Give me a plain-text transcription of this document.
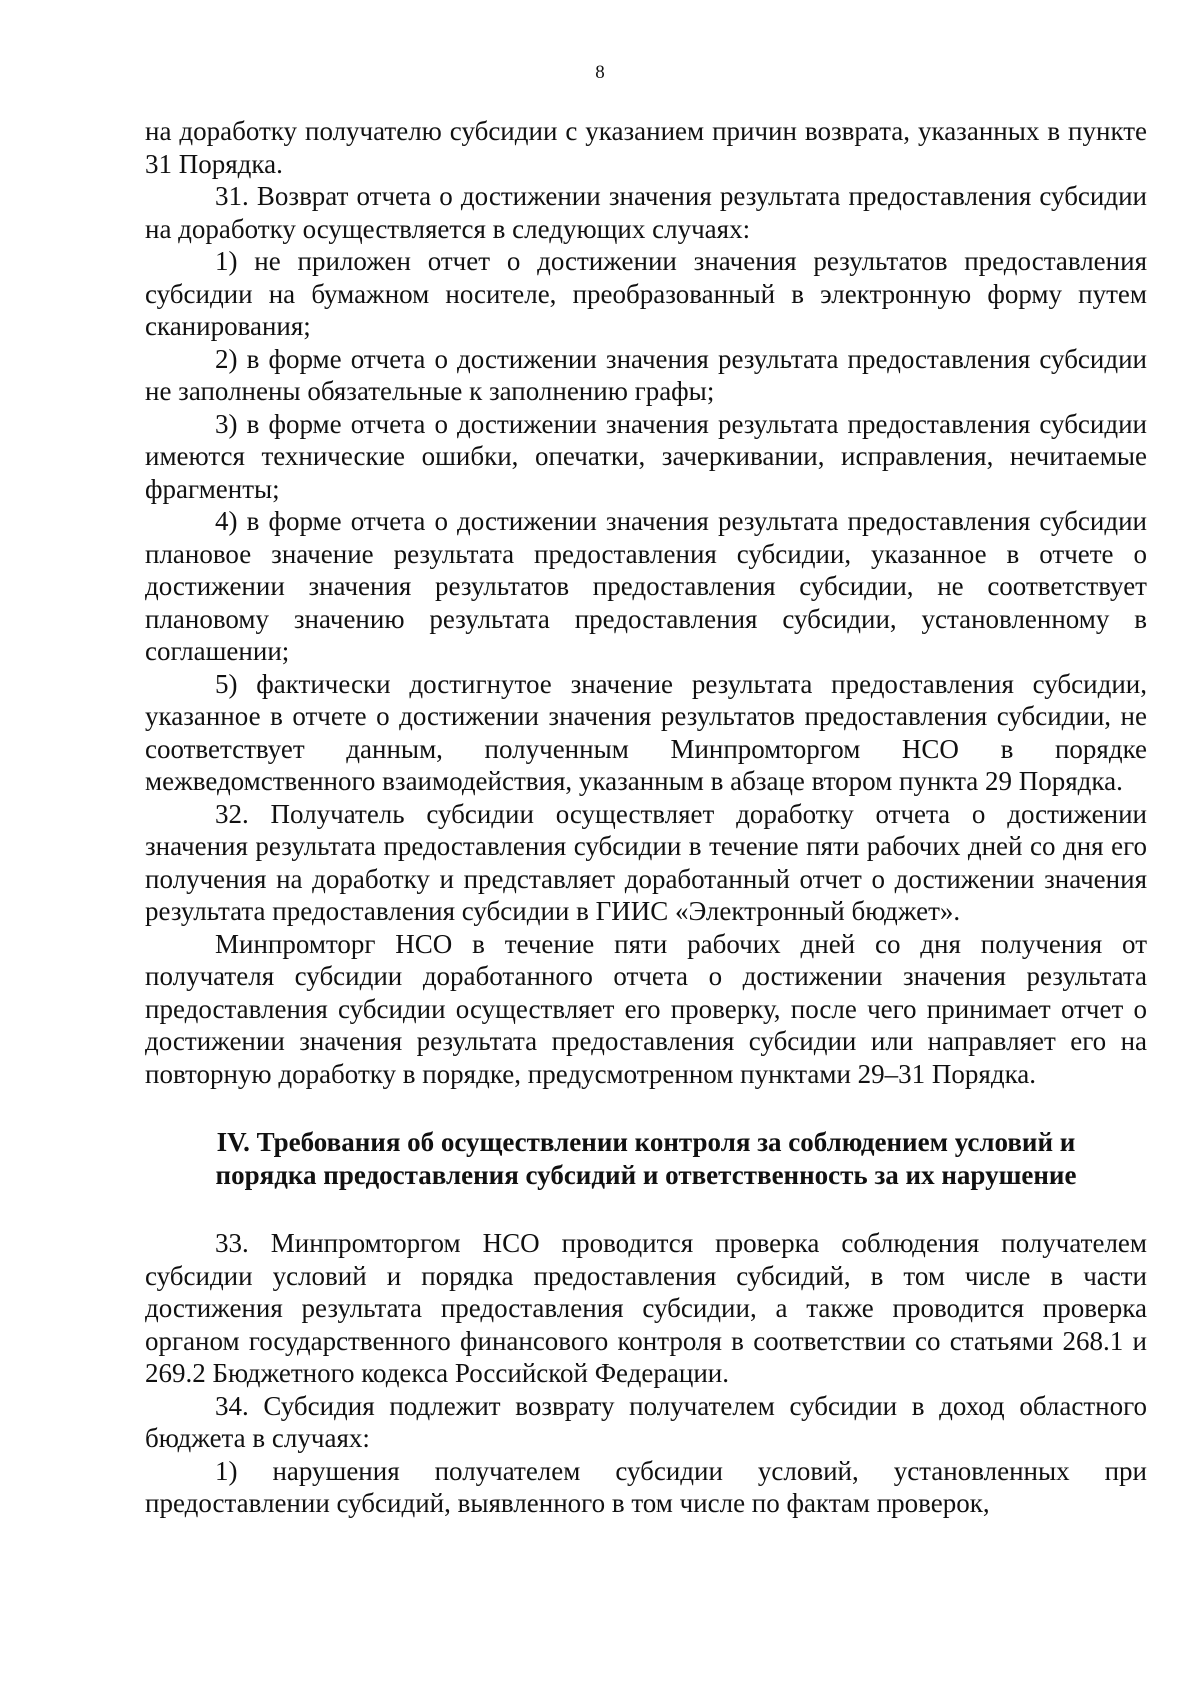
8

на доработку получателю субсидии с указанием причин возврата, указанных в пункте 31 Порядка.

31. Возврат отчета о достижении значения результата предоставления субсидии на доработку осуществляется в следующих случаях:

1) не приложен отчет о достижении значения результатов предоставления субсидии на бумажном носителе, преобразованный в электронную форму путем сканирования;

2) в форме отчета о достижении значения результата предоставления субсидии не заполнены обязательные к заполнению графы;

3) в форме отчета о достижении значения результата предоставления субсидии имеются технические ошибки, опечатки, зачеркивании, исправления, нечитаемые фрагменты;

4) в форме отчета о достижении значения результата предоставления субсидии плановое значение результата предоставления субсидии, указанное в отчете о достижении значения результатов предоставления субсидии, не соответствует плановому значению результата предоставления субсидии, установленному в соглашении;

5) фактически достигнутое значение результата предоставления субсидии, указанное в отчете о достижении значения результатов предоставления субсидии, не соответствует данным, полученным Минпромторгом НСО в порядке межведомственного взаимодействия, указанным в абзаце втором пункта 29 Порядка.

32. Получатель субсидии осуществляет доработку отчета о достижении значения результата предоставления субсидии в течение пяти рабочих дней со дня его получения на доработку и представляет доработанный отчет о достижении значения результата предоставления субсидии в ГИИС «Электронный бюджет».

Минпромторг НСО в течение пяти рабочих дней со дня получения от получателя субсидии доработанного отчета о достижении значения результата предоставления субсидии осуществляет его проверку, после чего принимает отчет о достижении значения результата предоставления субсидии или направляет его на повторную доработку в порядке, предусмотренном пунктами 29–31 Порядка.

IV. Требования об осуществлении контроля за соблюдением условий и
порядка предоставления субсидий и ответственность за их нарушение

33. Минпромторгом НСО проводится проверка соблюдения получателем субсидии условий и порядка предоставления субсидий, в том числе в части достижения результата предоставления субсидии, а также проводится проверка органом государственного финансового контроля в соответствии со статьями 268.1 и 269.2 Бюджетного кодекса Российской Федерации.

34. Субсидия подлежит возврату получателем субсидии в доход областного бюджета в случаях:

1) нарушения получателем субсидии условий, установленных при предоставлении субсидий, выявленного в том числе по фактам проверок,
